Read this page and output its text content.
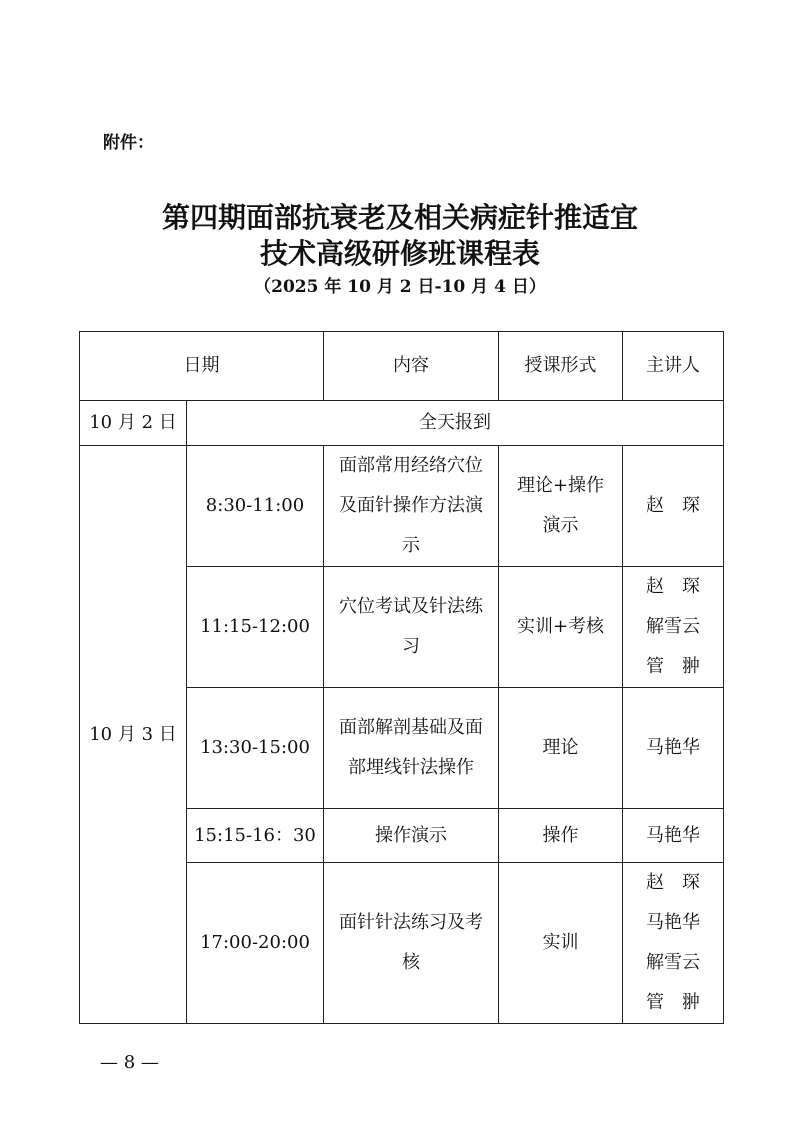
附件：
第四期面部抗衰老及相关病症针推适宜
技术高级研修班课程表
（2025 年 10 月 2 日-10 月 4 日）
日期		内容	授课形式	主讲人
10 月 2 日	全天报到			
10 月 3 日	8:30-11:00	面部常用经络穴位及面针操作方法演示	理论+操作演示	赵　琛

	11:15-12:00	穴位考试及针法练习	实训+考核	赵　琛
解雪云
管　翀

	13:30-15:00	面部解剖基础及面部埋线针法操作	理论	马艳华

	15:15-16：30	操作演示	操作	马艳华

	17:00-20:00	面针针法练习及考核	实训	赵　琛
马艳华
解雪云
管　翀
— 8 —
